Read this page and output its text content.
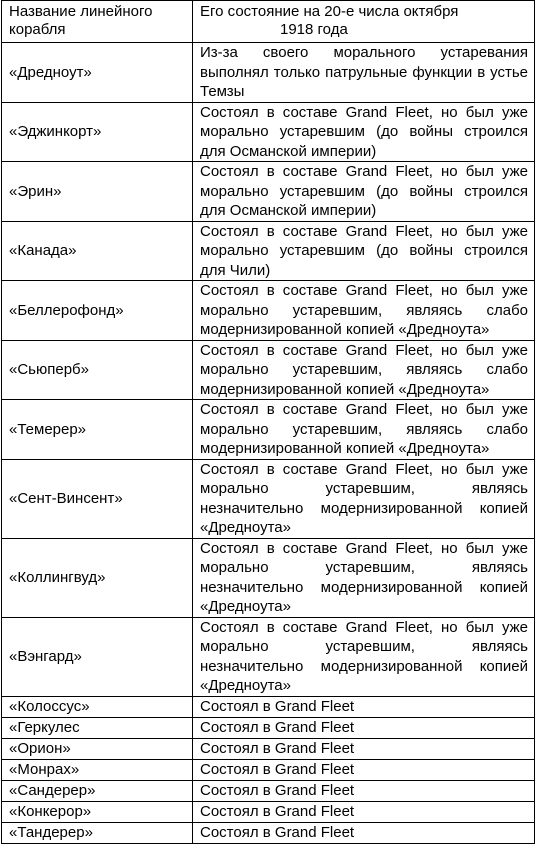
Название линейного корабля	Его состояние на 20-е числа октября
1918 года

«Дредноут»	Из-за своего морального устаревания выполнял только патрульные функции в устье Темзы
«Эджинкорт»	Состоял в составе Grand Fleet, но был уже морально устаревшим (до войны строился для Османской империи)
«Эрин»	Состоял в составе Grand Fleet, но был уже морально устаревшим (до войны строился для Османской империи)
«Канада»	Состоял в составе Grand Fleet, но был уже морально устаревшим (до войны строился для Чили)
«Беллерофонд»	Состоял в составе Grand Fleet, но был уже морально устаревшим, являясь слабо модернизированной копией «Дредноута»
«Сьюперб»	Состоял в составе Grand Fleet, но был уже морально устаревшим, являясь слабо модернизированной копией «Дредноута»
«Темерер»	Состоял в составе Grand Fleet, но был уже морально устаревшим, являясь слабо модернизированной копией «Дредноута»
«Сент-Винсент»	Состоял в составе Grand Fleet, но был уже морально устаревшим, являясь незначительно модернизированной копией «Дредноута»
«Коллингвуд»	Состоял в составе Grand Fleet, но был уже морально устаревшим, являясь незначительно модернизированной копией «Дредноута»
«Вэнгард»	Состоял в составе Grand Fleet, но был уже морально устаревшим, являясь незначительно модернизированной копией «Дредноута»
«Колоссус»	Состоял в Grand Fleet
«Геркулес	Состоял в Grand Fleet
«Орион»	Состоял в Grand Fleet
«Монрах»	Состоял в Grand Fleet
«Сандерер»	Состоял в Grand Fleet
«Конкерор»	Состоял в Grand Fleet
«Тандерер»	Состоял в Grand Fleet
